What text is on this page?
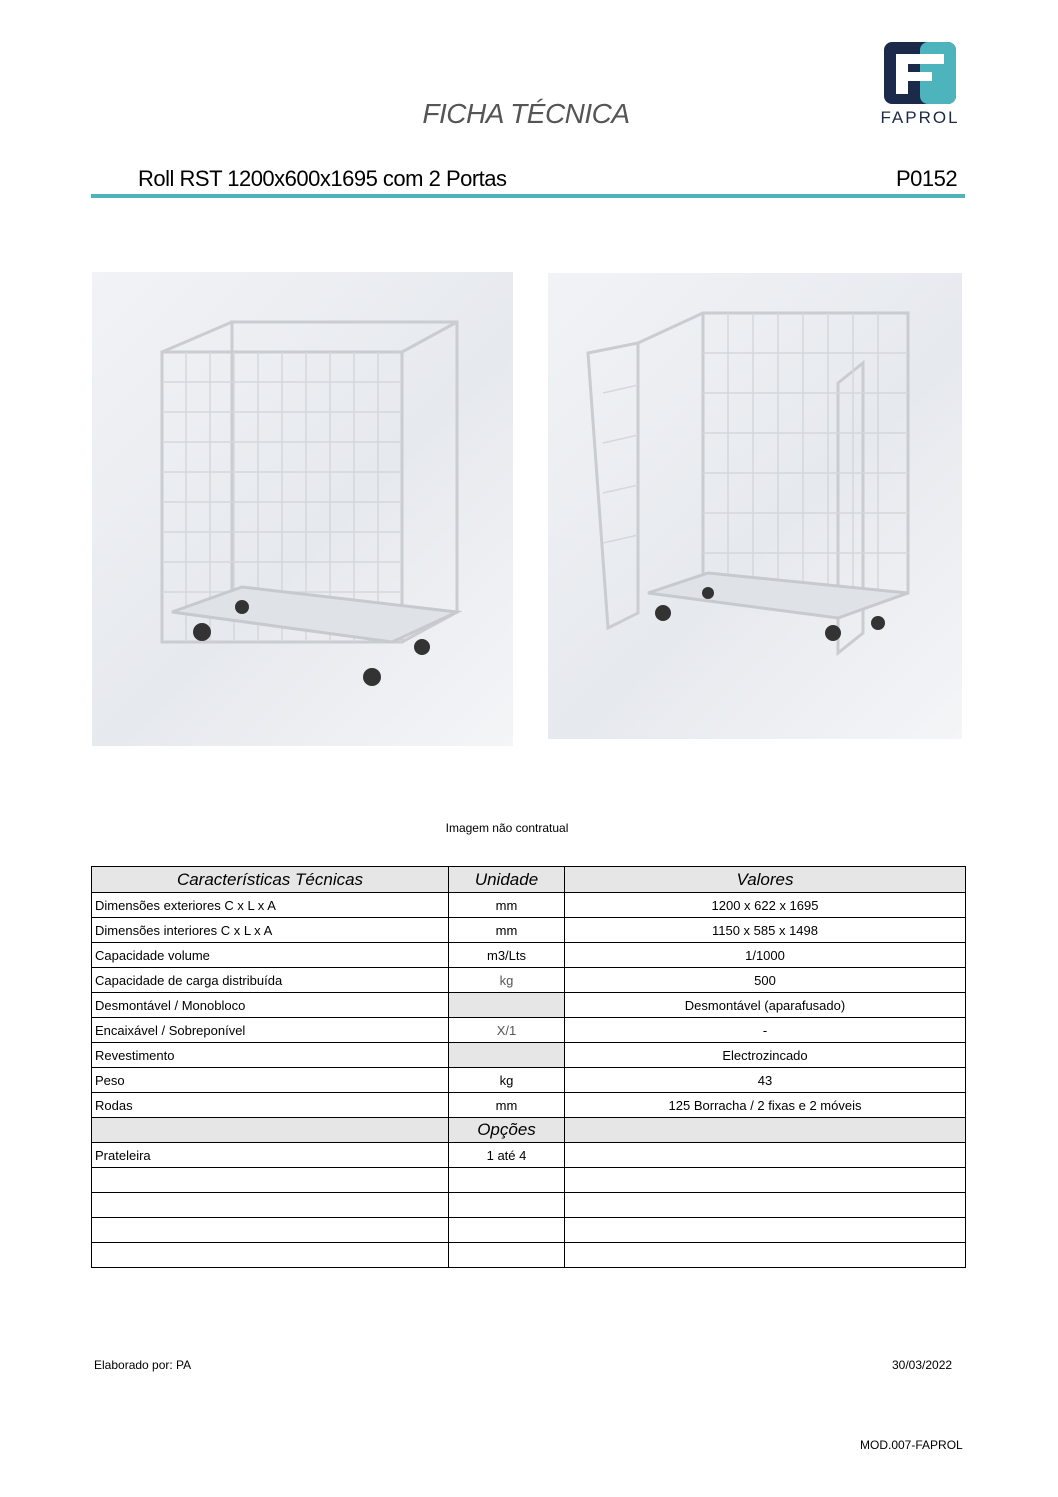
FICHA TÉCNICA	FAPROL
Roll RST 1200x600x1695 com 2 Portas	P0152
Imagem não contratual
Características Técnicas	Unidade	Valores
Dimensões exteriores C x L x A	mm	1200 x 622 x 1695
Dimensões interiores C x L x A	mm	1150 x 585 x 1498
Capacidade volume	m3/Lts	1/1000
Capacidade de carga distribuída	kg	500
Desmontável / Monobloco		Desmontável (aparafusado)
Encaixável / Sobreponível	X/1	-
Revestimento		Electrozincado
Peso	kg	43
Rodas	mm	125 Borracha / 2 fixas e 2 móveis
	Opções	
Prateleira	1 até 4	

Elaborado por: PA	30/03/2022
MOD.007-FAPROL
